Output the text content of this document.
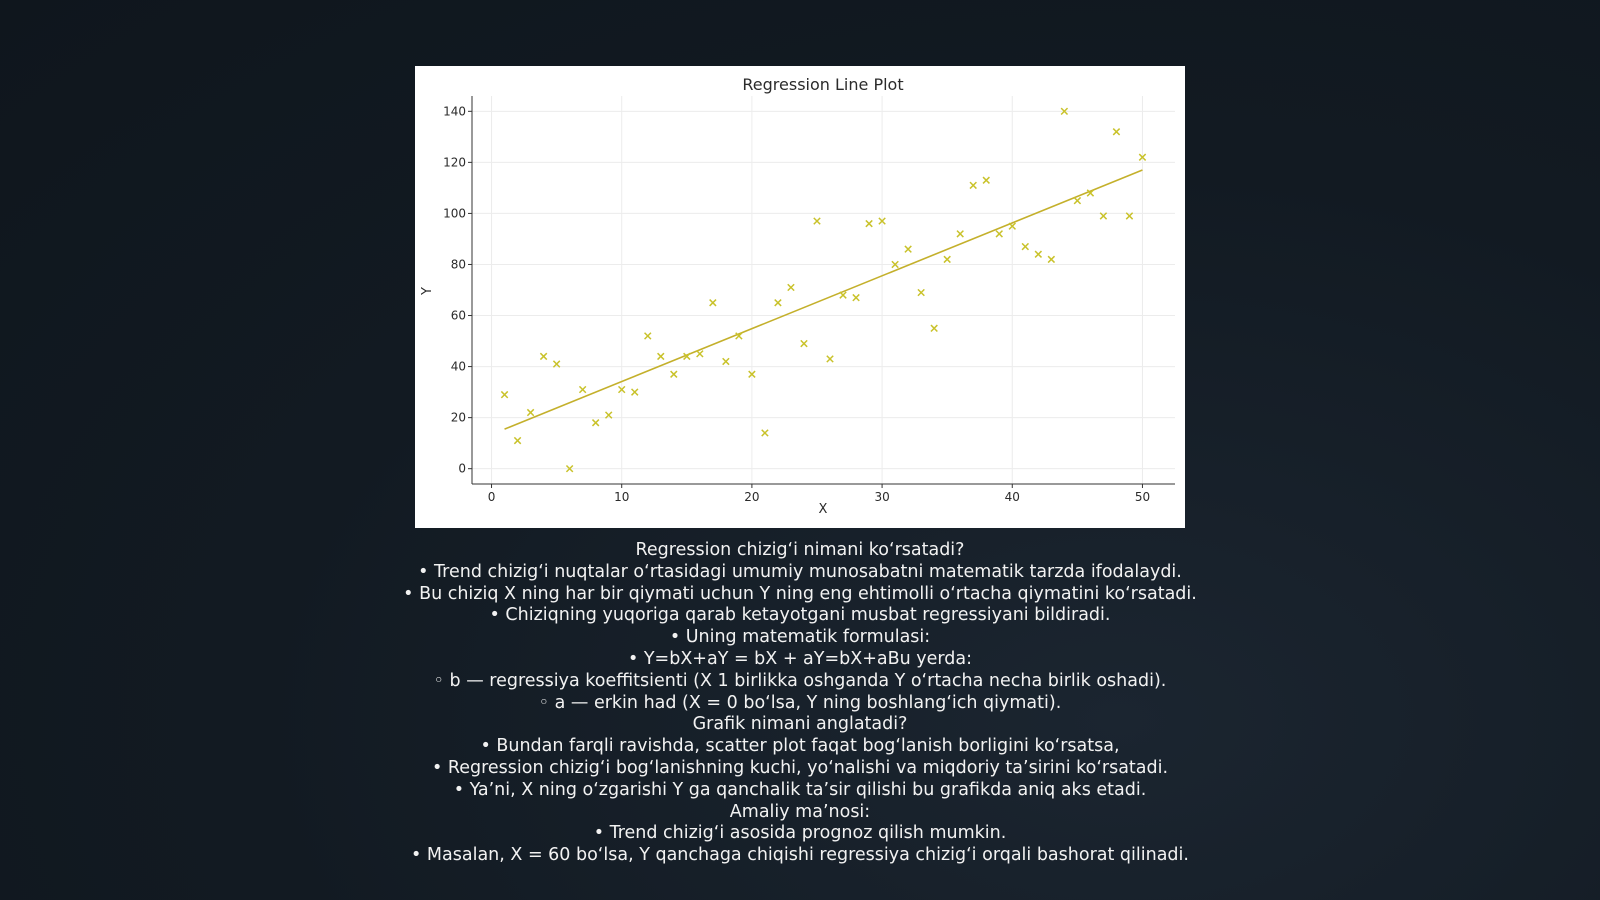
0	10	20	30	40	50
0
20
40
60
80
100
120
140
Regression Line Plot
X
Y
Regression chizig‘i nimani ko‘rsatadi?
• Trend chizig‘i nuqtalar o‘rtasidagi umumiy munosabatni matematik tarzda ifodalaydi.
• Bu chiziq X ning har bir qiymati uchun Y ning eng ehtimolli o‘rtacha qiymatini ko‘rsatadi.
• Chiziqning yuqoriga qarab ketayotgani musbat regressiyani bildiradi.
• Uning matematik formulasi:
• Y=bX+aY = bX + aY=bX+aBu yerda:
◦ b — regressiya koeffitsienti (X 1 birlikka oshganda Y o‘rtacha necha birlik oshadi).
◦ a — erkin had (X = 0 bo‘lsa, Y ning boshlang‘ich qiymati).
Grafik nimani anglatadi?
• Bundan farqli ravishda, scatter plot faqat bog‘lanish borligini ko‘rsatsa,
• Regression chizig‘i bog‘lanishning kuchi, yo‘nalishi va miqdoriy ta’sirini ko‘rsatadi.
• Ya’ni, X ning o‘zgarishi Y ga qanchalik ta’sir qilishi bu grafikda aniq aks etadi.
Amaliy ma’nosi:
• Trend chizig‘i asosida prognoz qilish mumkin.
• Masalan, X = 60 bo‘lsa, Y qanchaga chiqishi regressiya chizig‘i orqali bashorat qilinadi.
